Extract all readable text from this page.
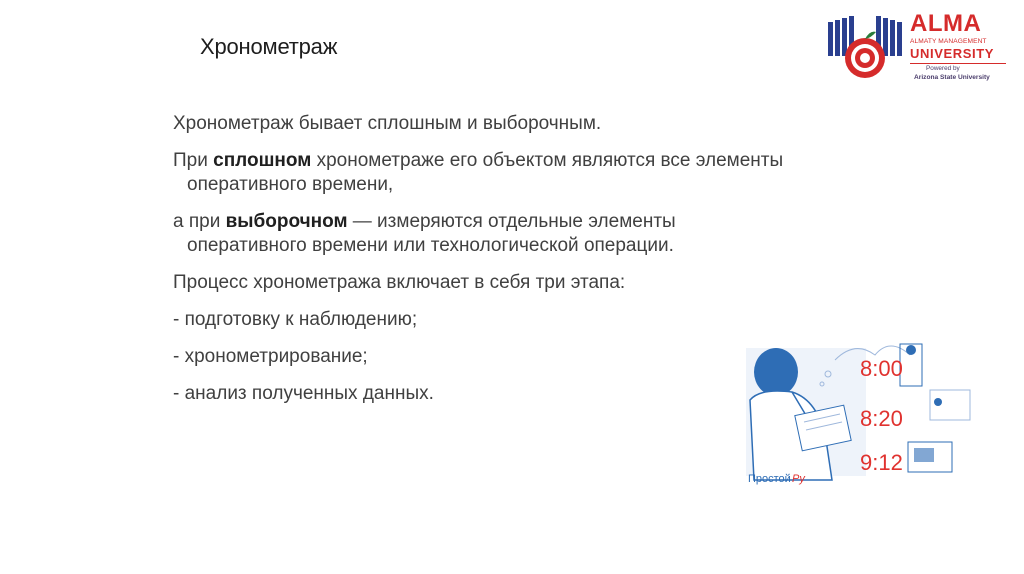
Хронометраж
ALMA
ALMATY MANAGEMENT
UNIVERSITY
Powered by
Arizona State University

Хронометраж бывает сплошным и выборочным.

При сплошном хронометраже его объектом являются все элементы оперативного времени,

а при выборочном — измеряются отдельные элементы оперативного времени или технологической операции.

Процесс хронометража включает в себя три этапа:

- подготовку к наблюдению;

- хронометрирование;

- анализ полученных данных.

8:00
8:20
9:12
Простой Ру
